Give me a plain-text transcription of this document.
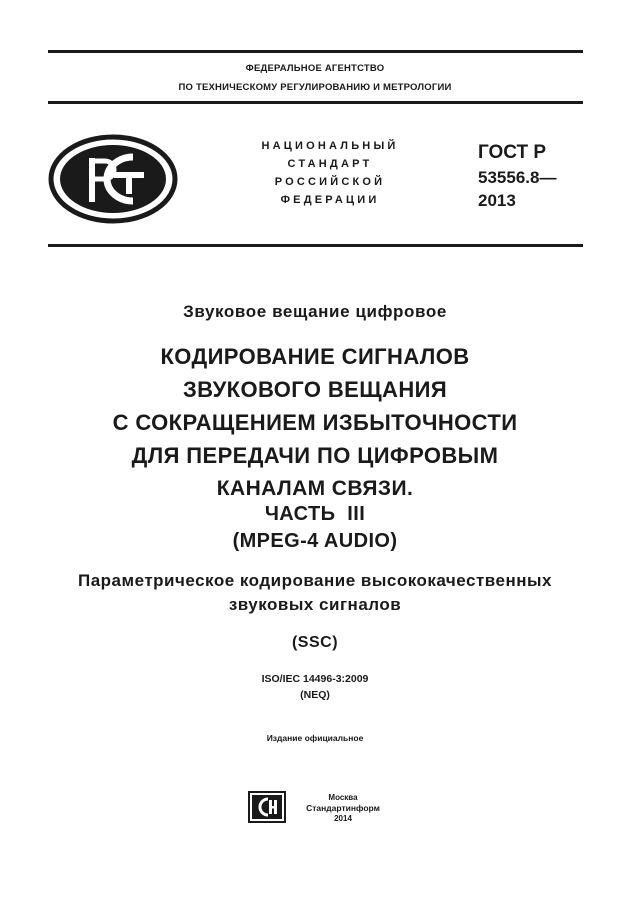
ФЕДЕРАЛЬНОЕ АГЕНТСТВО
ПО ТЕХНИЧЕСКОМУ РЕГУЛИРОВАНИЮ И МЕТРОЛОГИИ
НАЦИОНАЛЬНЫЙ
СТАНДАРТ
РОССИЙСКОЙ
ФЕДЕРАЦИИ
ГОСТ Р
53556.8—
2013
Звуковое вещание цифровое
КОДИРОВАНИЕ СИГНАЛОВ
ЗВУКОВОГО ВЕЩАНИЯ
С СОКРАЩЕНИЕМ ИЗБЫТОЧНОСТИ
ДЛЯ ПЕРЕДАЧИ ПО ЦИФРОВЫМ
КАНАЛАМ СВЯЗИ.
ЧАСТЬ  III
(MPEG-4 AUDIO)
Параметрическое кодирование высококачественных
звуковых сигналов
(SSC)
ISO/IEC 14496-3:2009
(NEQ)
Издание официальное
Москва
Стандартинформ
2014
